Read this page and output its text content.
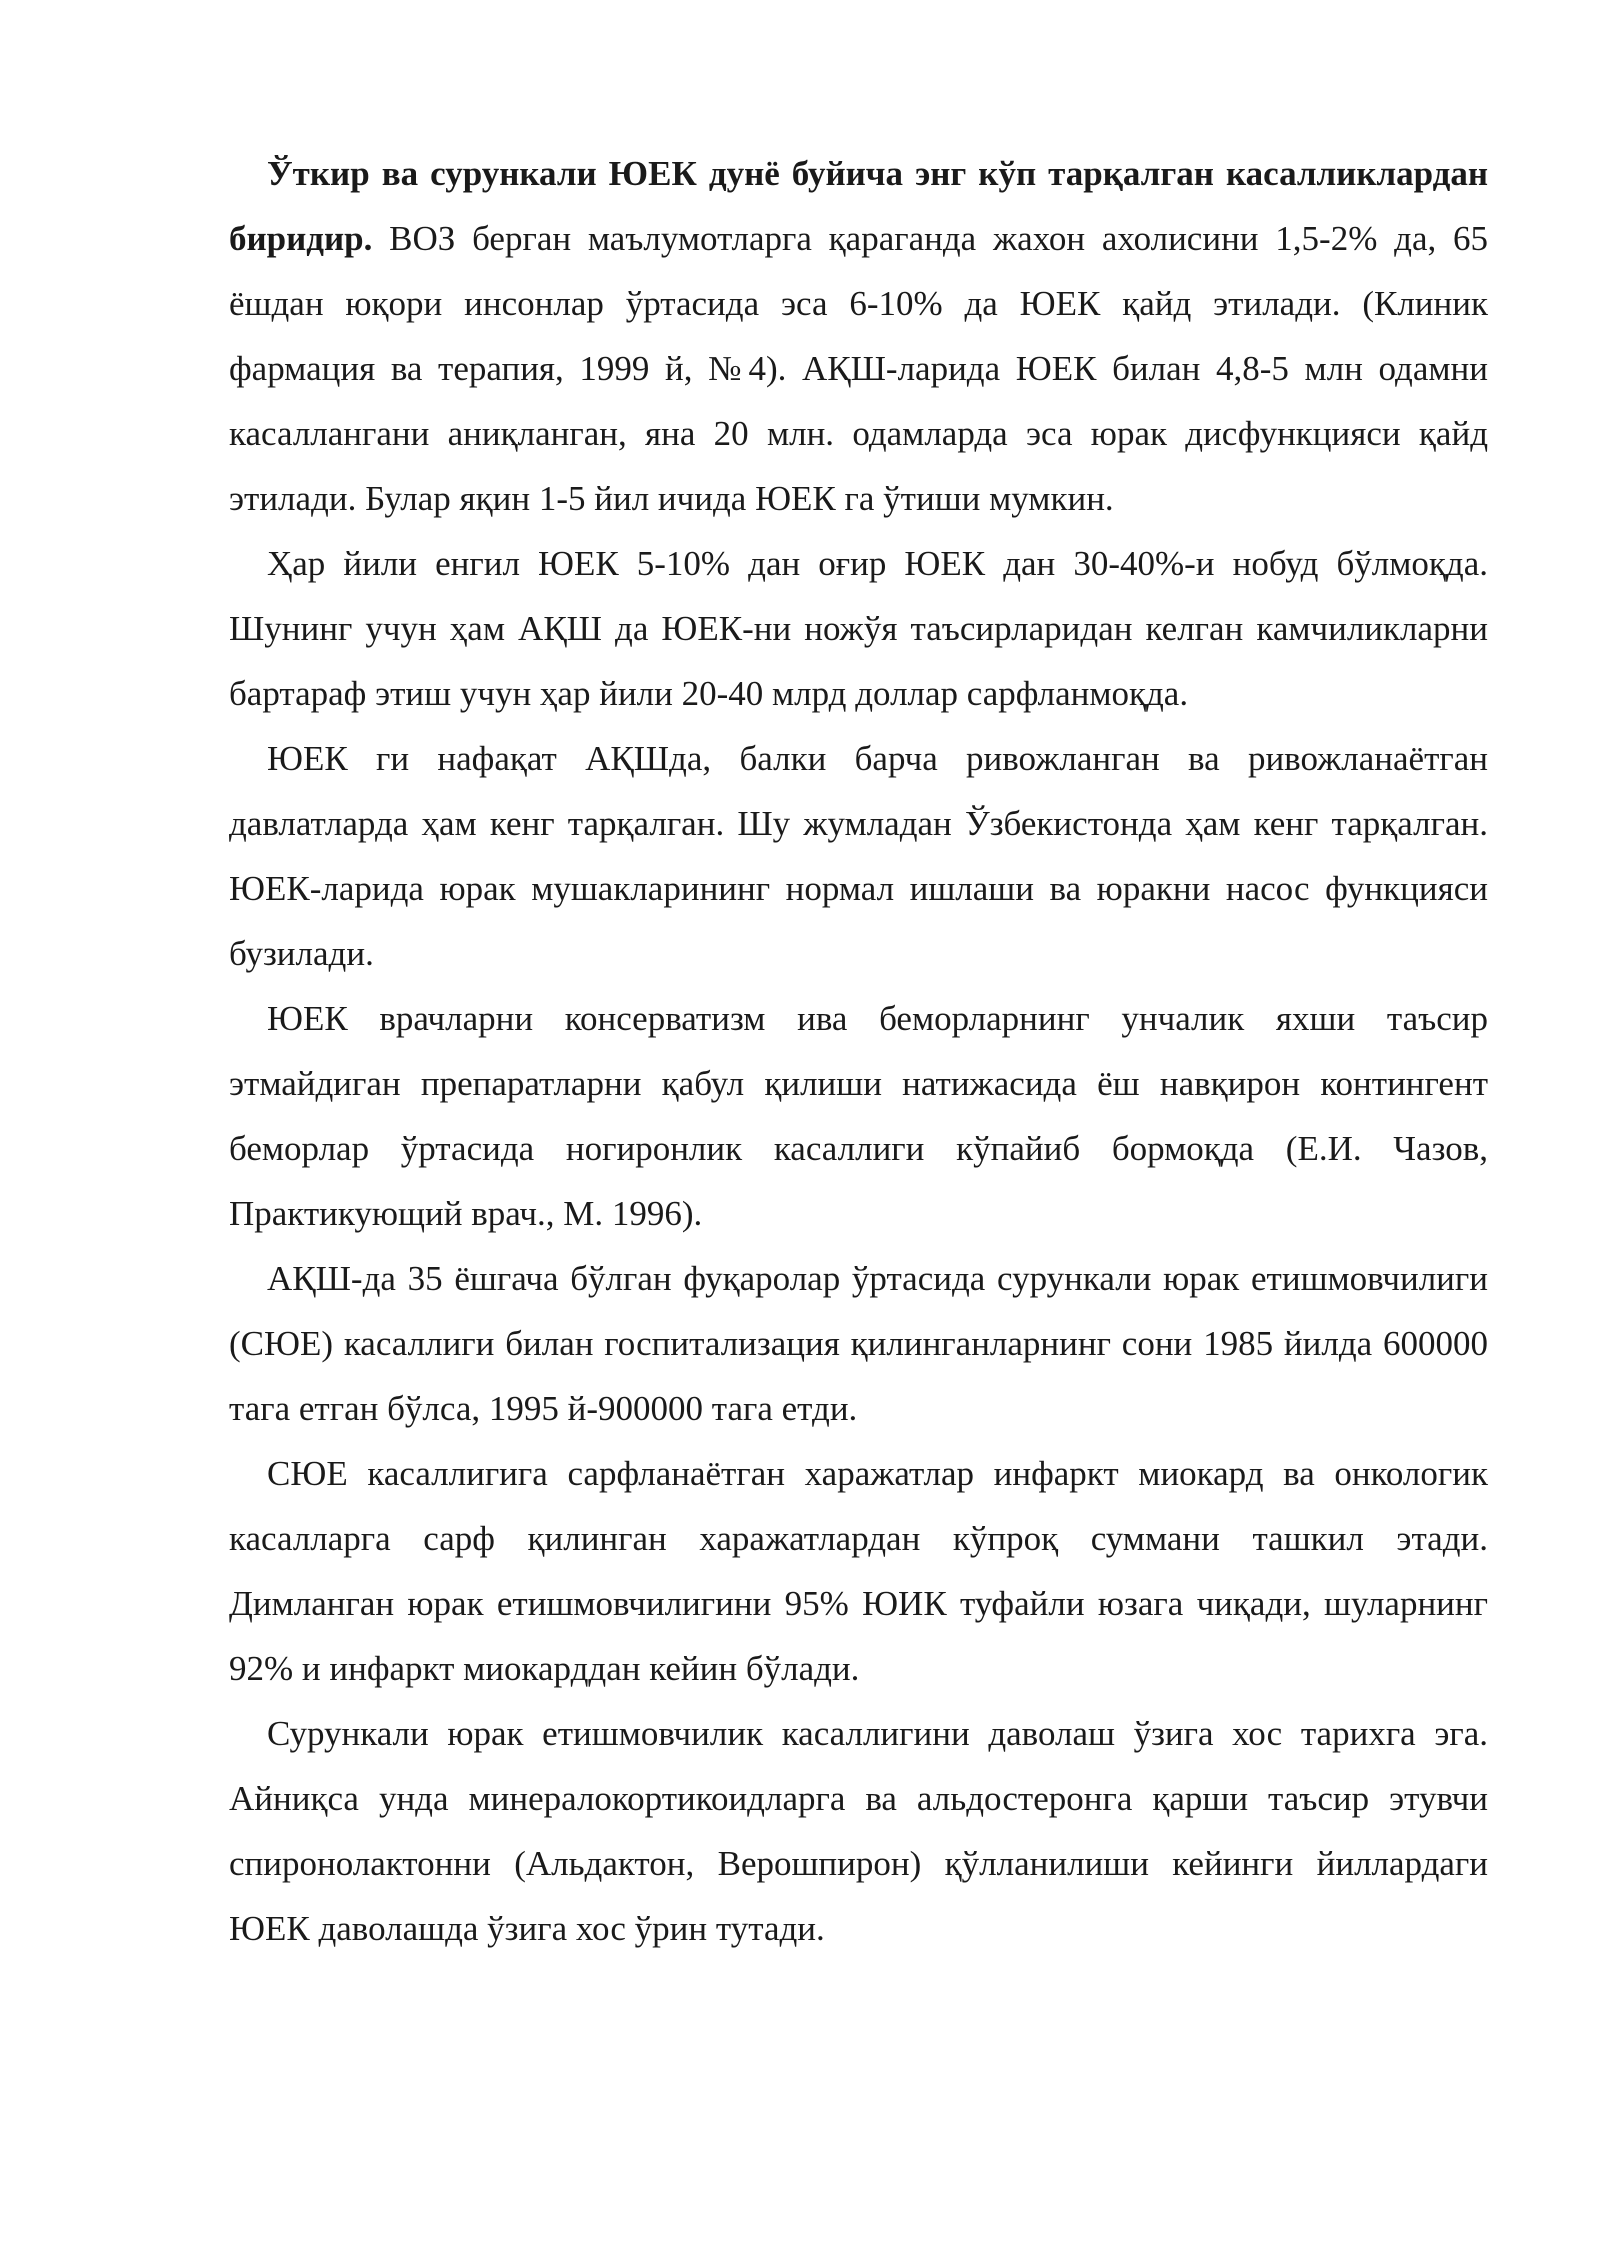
Ўткир ва сурункали ЮЕК дунё буйича энг кўп тарқалган касалликлардан биридир. ВОЗ берган маълумотларга қараганда жахон ахолисини 1,5-2% да, 65 ёшдан юқори инсонлар ўртасида эса 6-10% да ЮЕК қайд этилади. (Клиник фармация ва терапия, 1999 й, №4). АҚШ-ларида ЮЕК билан 4,8-5 млн одамни касаллангани аниқланган, яна 20 млн. одамларда эса юрак дисфункцияси қайд этилади. Булар яқин 1-5 йил ичида ЮЕК га ўтиши мумкин.

Ҳар йили енгил ЮЕК 5-10% дан оғир ЮЕК дан 30-40%-и нобуд бўлмоқда. Шунинг учун ҳам АҚШ да ЮЕК-ни ножўя таъсирларидан келган камчиликларни бартараф этиш учун ҳар йили 20-40 млрд доллар сарфланмоқда.

ЮЕК ги нафақат АҚШда, балки барча ривожланган ва ривожланаётган давлатларда ҳам кенг тарқалган. Шу жумладан Ўзбекистонда ҳам кенг тарқалган. ЮЕК-ларида юрак мушакларининг нормал ишлаши ва юракни насос функцияси бузилади.

ЮЕК врачларни консерватизм ива беморларнинг унчалик яхши таъсир этмайдиган препаратларни қабул қилиши натижасида ёш навқирон контингент беморлар ўртасида ногиронлик касаллиги кўпайиб бормоқда (Е.И. Чазов, Практикующий врач., М. 1996).

АҚШ-да 35 ёшгача бўлган фуқаролар ўртасида сурункали юрак етишмовчилиги (СЮЕ) касаллиги билан госпитализация қилинганларнинг сони 1985 йилда 600000 тага етган бўлса, 1995 й-900000 тага етди.

СЮЕ касаллигига сарфланаётган харажатлар инфаркт миокард ва онкологик касалларга сарф қилинган харажатлардан кўпроқ суммани ташкил этади. Димланган юрак етишмовчилигини 95% ЮИК туфайли юзага чиқади, шуларнинг 92% и инфаркт миокарддан кейин бўлади.

Сурункали юрак етишмовчилик касаллигини даволаш ўзига хос тарихга эга. Айниқса унда минералокортикоидларга ва альдостеронга қарши таъсир этувчи спиронолактонни (Альдактон, Верошпирон) қўлланилиши кейинги йиллардаги ЮЕК даволашда ўзига хос ўрин тутади.
